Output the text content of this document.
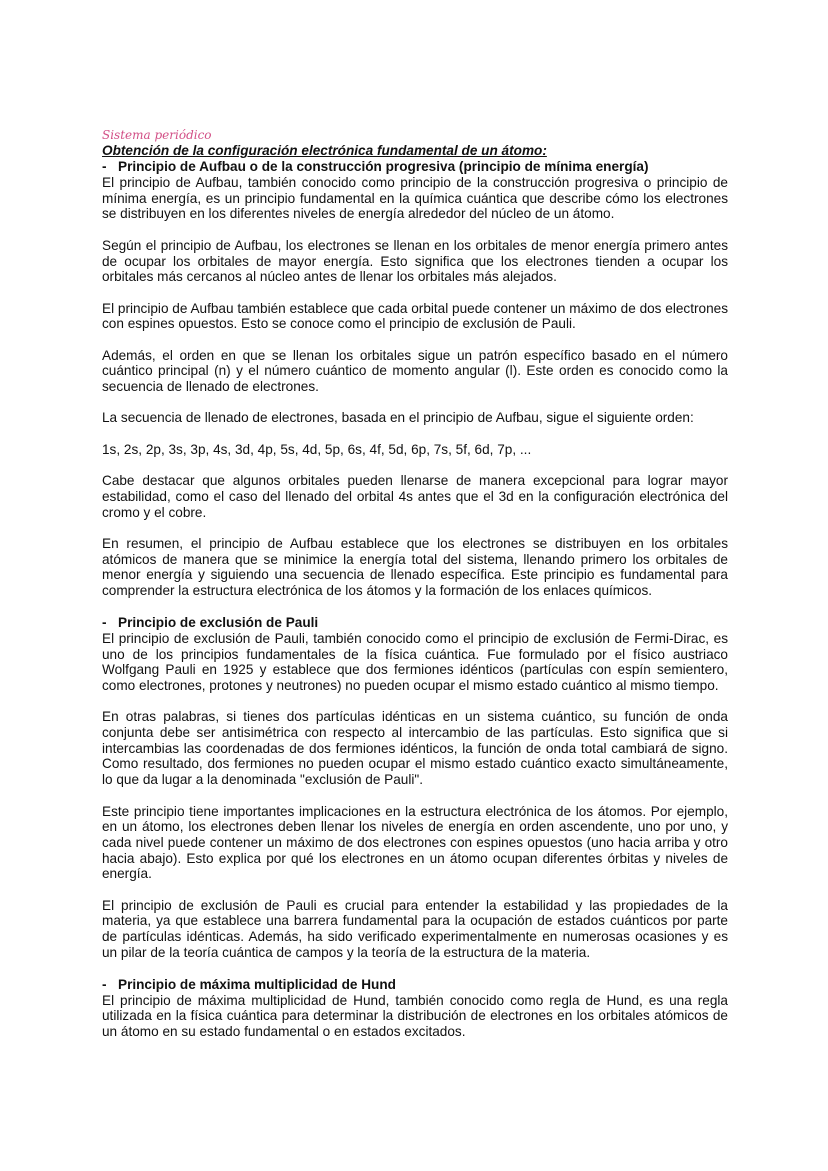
Sistema periódico

Obtención de la configuración electrónica fundamental de un átomo:

- Principio de Aufbau o de la construcción progresiva (principio de mínima energía)

El principio de Aufbau, también conocido como principio de la construcción progresiva o principio de mínima energía, es un principio fundamental en la química cuántica que describe cómo los electrones se distribuyen en los diferentes niveles de energía alrededor del núcleo de un átomo.

Según el principio de Aufbau, los electrones se llenan en los orbitales de menor energía primero antes de ocupar los orbitales de mayor energía. Esto significa que los electrones tienden a ocupar los orbitales más cercanos al núcleo antes de llenar los orbitales más alejados.

El principio de Aufbau también establece que cada orbital puede contener un máximo de dos electrones con espines opuestos. Esto se conoce como el principio de exclusión de Pauli.

Además, el orden en que se llenan los orbitales sigue un patrón específico basado en el número cuántico principal (n) y el número cuántico de momento angular (l). Este orden es conocido como la secuencia de llenado de electrones.

La secuencia de llenado de electrones, basada en el principio de Aufbau, sigue el siguiente orden:

1s, 2s, 2p, 3s, 3p, 4s, 3d, 4p, 5s, 4d, 5p, 6s, 4f, 5d, 6p, 7s, 5f, 6d, 7p, ...

Cabe destacar que algunos orbitales pueden llenarse de manera excepcional para lograr mayor estabilidad, como el caso del llenado del orbital 4s antes que el 3d en la configuración electrónica del cromo y el cobre.

En resumen, el principio de Aufbau establece que los electrones se distribuyen en los orbitales atómicos de manera que se minimice la energía total del sistema, llenando primero los orbitales de menor energía y siguiendo una secuencia de llenado específica. Este principio es fundamental para comprender la estructura electrónica de los átomos y la formación de los enlaces químicos.

- Principio de exclusión de Pauli

El principio de exclusión de Pauli, también conocido como el principio de exclusión de Fermi-Dirac, es uno de los principios fundamentales de la física cuántica. Fue formulado por el físico austriaco Wolfgang Pauli en 1925 y establece que dos fermiones idénticos (partículas con espín semientero, como electrones, protones y neutrones) no pueden ocupar el mismo estado cuántico al mismo tiempo.

En otras palabras, si tienes dos partículas idénticas en un sistema cuántico, su función de onda conjunta debe ser antisimétrica con respecto al intercambio de las partículas. Esto significa que si intercambias las coordenadas de dos fermiones idénticos, la función de onda total cambiará de signo. Como resultado, dos fermiones no pueden ocupar el mismo estado cuántico exacto simultáneamente, lo que da lugar a la denominada "exclusión de Pauli".

Este principio tiene importantes implicaciones en la estructura electrónica de los átomos. Por ejemplo, en un átomo, los electrones deben llenar los niveles de energía en orden ascendente, uno por uno, y cada nivel puede contener un máximo de dos electrones con espines opuestos (uno hacia arriba y otro hacia abajo). Esto explica por qué los electrones en un átomo ocupan diferentes órbitas y niveles de energía.

El principio de exclusión de Pauli es crucial para entender la estabilidad y las propiedades de la materia, ya que establece una barrera fundamental para la ocupación de estados cuánticos por parte de partículas idénticas. Además, ha sido verificado experimentalmente en numerosas ocasiones y es un pilar de la teoría cuántica de campos y la teoría de la estructura de la materia.

- Principio de máxima multiplicidad de Hund

El principio de máxima multiplicidad de Hund, también conocido como regla de Hund, es una regla utilizada en la física cuántica para determinar la distribución de electrones en los orbitales atómicos de un átomo en su estado fundamental o en estados excitados.
